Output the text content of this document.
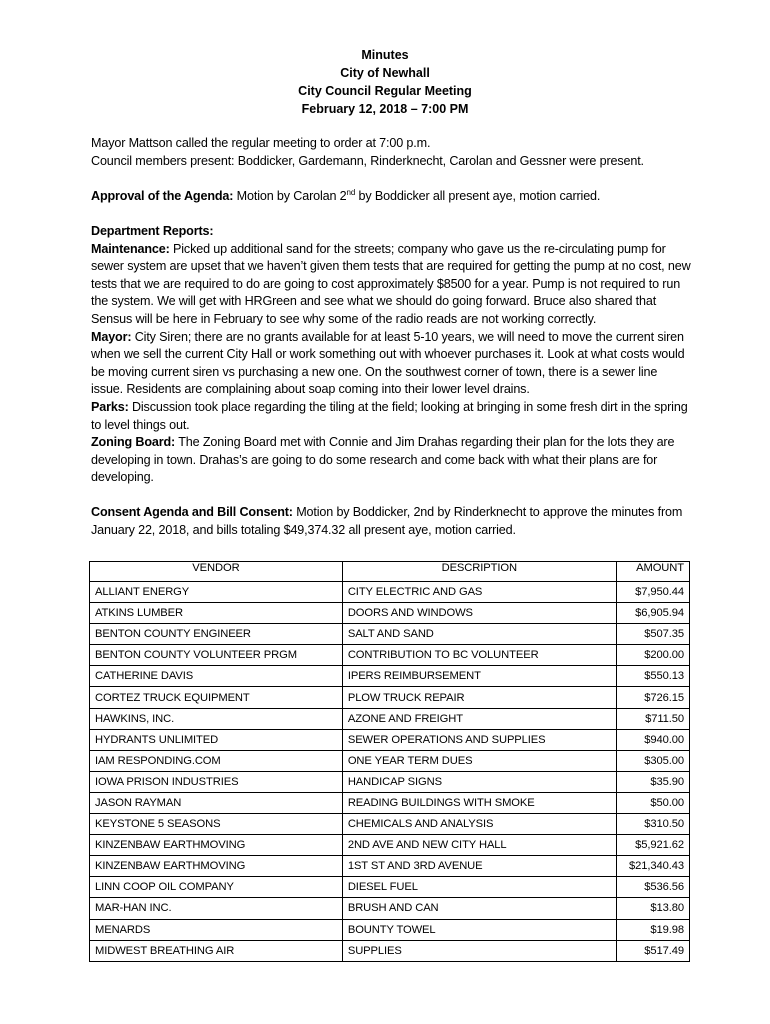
Minutes
City of Newhall
City Council Regular Meeting
February 12, 2018 – 7:00 PM

Mayor Mattson called the regular meeting to order at 7:00 p.m.

Council members present: Boddicker, Gardemann, Rinderknecht, Carolan and Gessner were present.

Approval of the Agenda: Motion by Carolan 2nd by Boddicker all present aye, motion carried.

Department Reports:

Maintenance: Picked up additional sand for the streets; company who gave us the re-circulating pump for sewer system are upset that we haven’t given them tests that are required for getting the pump at no cost, new tests that we are required to do are going to cost approximately $8500 for a year. Pump is not required to run the system. We will get with HRGreen and see what we should do going forward. Bruce also shared that Sensus will be here in February to see why some of the radio reads are not working correctly.

Mayor: City Siren; there are no grants available for at least 5-10 years, we will need to move the current siren when we sell the current City Hall or work something out with whoever purchases it. Look at what costs would be moving current siren vs purchasing a new one. On the southwest corner of town, there is a sewer line issue. Residents are complaining about soap coming into their lower level drains.

Parks: Discussion took place regarding the tiling at the field; looking at bringing in some fresh dirt in the spring to level things out.

Zoning Board: The Zoning Board met with Connie and Jim Drahas regarding their plan for the lots they are developing in town. Drahas’s are going to do some research and come back with what their plans are for developing.

Consent Agenda and Bill Consent: Motion by Boddicker, 2nd by Rinderknecht to approve the minutes from January 22, 2018, and bills totaling $49,374.32 all present aye, motion carried.

VENDOR	DESCRIPTION	AMOUNT
ALLIANT ENERGY	CITY ELECTRIC AND GAS	$7,950.44
ATKINS LUMBER	DOORS AND WINDOWS	$6,905.94
BENTON COUNTY ENGINEER	SALT AND SAND	$507.35
BENTON COUNTY VOLUNTEER PRGM	CONTRIBUTION TO BC VOLUNTEER	$200.00
CATHERINE DAVIS	IPERS REIMBURSEMENT	$550.13
CORTEZ TRUCK EQUIPMENT	PLOW TRUCK REPAIR	$726.15
HAWKINS, INC.	AZONE AND FREIGHT	$711.50
HYDRANTS UNLIMITED	SEWER OPERATIONS AND SUPPLIES	$940.00
IAM RESPONDING.COM	ONE YEAR TERM DUES	$305.00
IOWA PRISON INDUSTRIES	HANDICAP SIGNS	$35.90
JASON RAYMAN	READING BUILDINGS WITH SMOKE	$50.00
KEYSTONE 5 SEASONS	CHEMICALS AND ANALYSIS	$310.50
KINZENBAW EARTHMOVING	2ND AVE AND NEW CITY HALL	$5,921.62
KINZENBAW EARTHMOVING	1ST ST AND 3RD AVENUE	$21,340.43
LINN COOP OIL COMPANY	DIESEL FUEL	$536.56
MAR-HAN INC.	BRUSH AND CAN	$13.80
MENARDS	BOUNTY TOWEL	$19.98
MIDWEST BREATHING AIR	SUPPLIES	$517.49
